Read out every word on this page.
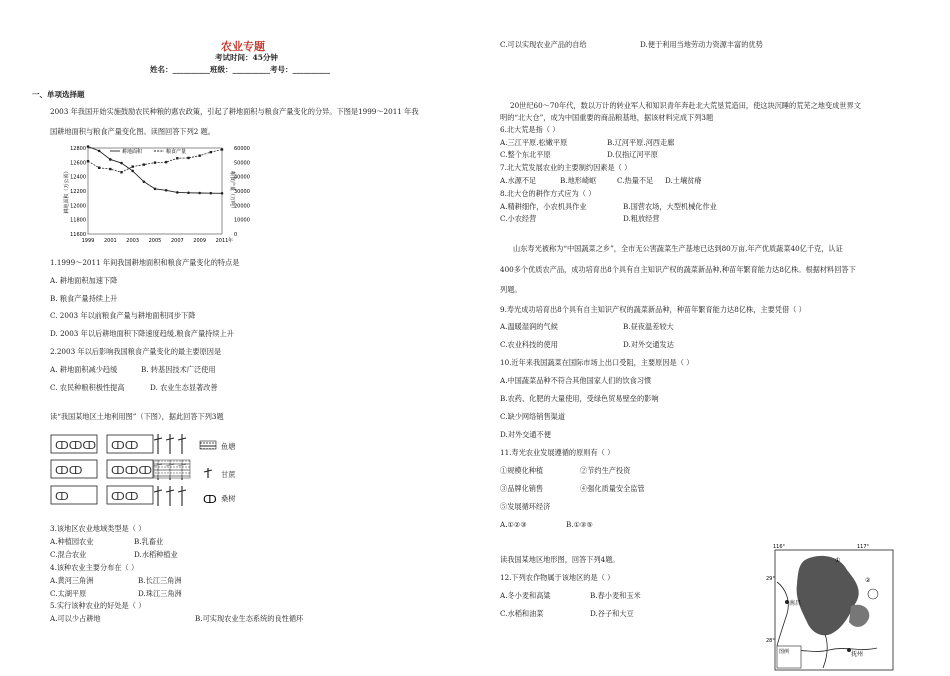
农业专题
考试时间：45分钟
姓名：__________班级：__________考号：__________
一、单项选择题
2003 年我国开始实施鼓励农民种粮的惠农政策，引起了耕地面积与粮食产量变化的分异。下图是1999～2011 年我
国耕地面积与粮食产量变化图。读图回答下列2 题。
12800
12600
12400
12200
12000
11800
11600
60000
50000
40000
30000
20000
10000
0
1999 2001 2003 2005 2007 2009 2011 年
耕地面积（万公顷）	粮食产量（万吨）
耕地面积	粮食产量
1.1999～2011 年间我国耕地面积和粮食产量变化的特点是
A. 耕地面积加速下降
B. 粮食产量持续上升
C. 2003 年以前粮食产量与耕地面积同步下降
D. 2003 年以后耕地面积下降速度趋缓,粮食产量持续上升
2.2003 年以后影响我国粮食产量变化的最主要原因是
A. 耕地面积减少趋缓	B. 转基因技术广泛使用
C. 农民种粮积极性提高	D. 农业生态显著改善
读“我国某地区土地利用图”（下图），据此回答下列3题
ↀↀↀ ↀↀ
ↀↀ	ↀↀↀ
ↀ	ↀↀ	ↀ
鱼塘
甘蔗
桑树
3.该地区农业地域类型是（ ）
A.种植园农业	B.乳畜业
C.混合农业	D.水稻种植业
4.该种农业主要分布在（ ）
A.黄河三角洲	B.长江三角洲
C.太湖平原	D.珠江三角洲
5.实行该种农业的好处是（ ）
A.可以少占耕地	B.可实现农业生态系统的良性循环
C.可以实现农业产品的自给	D.便于利用当地劳动力资源丰富的优势
20世纪60～70年代，数以万计的转业军人和知识青年奔赴北大荒垦荒造田，使这块沉睡的荒芜之地变成世界文
明的“北大仓”，成为中国重要的商品粮基地，据该材料完成下列3题
6.北大荒是指（ ）
A.三江平原.松嫩平原	B.辽河平原.河西走廊
C.整个东北平原	D.仅指辽河平原
7.北大荒发展农业的主要制约因素是（ ）
A.水源不足	B.地形崎岖	C.热量不足 D.土壤贫瘠
8.北大仓的耕作方式应为（ ）
A.精耕细作，小农机具作业	B.国营农场，大型机械化作业
C.小农经营	D.粗放经营
山东寿光被称为“中国蔬菜之乡”，全市无公害蔬菜生产基地已达到80万亩,年产优质蔬菜40亿千克，认证
400多个优质农产品，成功培育出8个具有自主知识产权的蔬菜新品种,种苗年繁育能力达8亿株。根据材料回答下
列题。
9.寿光成功培育出8个具有自主知识产权的蔬菜新品种，种苗年繁育能力达8亿株，主要凭借（ ）
A.温暖湿润的气候	B.昼夜温差较大
C.农业科技的使用	D.对外交通发达
10.近年来我国蔬菜在国际市场上出口受阻，主要原因是（ ）
A.中国蔬菜品种不符合其他国家人们的饮食习惯
B.农药、化肥的大量使用，受绿色贸易壁垒的影响
C.缺少网络销售渠道
D.对外交通不便
11.寿光农业发展遵循的原则有（ ）
①规模化种植	②节约生产投资
③品牌化销售	④强化质量安全监管
⑤发展循环经济
A.①②③	B.①③⑤
读我国某地区地形图，回答下列4题。
12.下列农作物属于该地区的是（ ）
A.冬小麦和高粱	B.春小麦和玉米
C.水稻和油菜	D.谷子和大豆
116°	117°
29°
28°
南昌
抚州
①
②
图例
